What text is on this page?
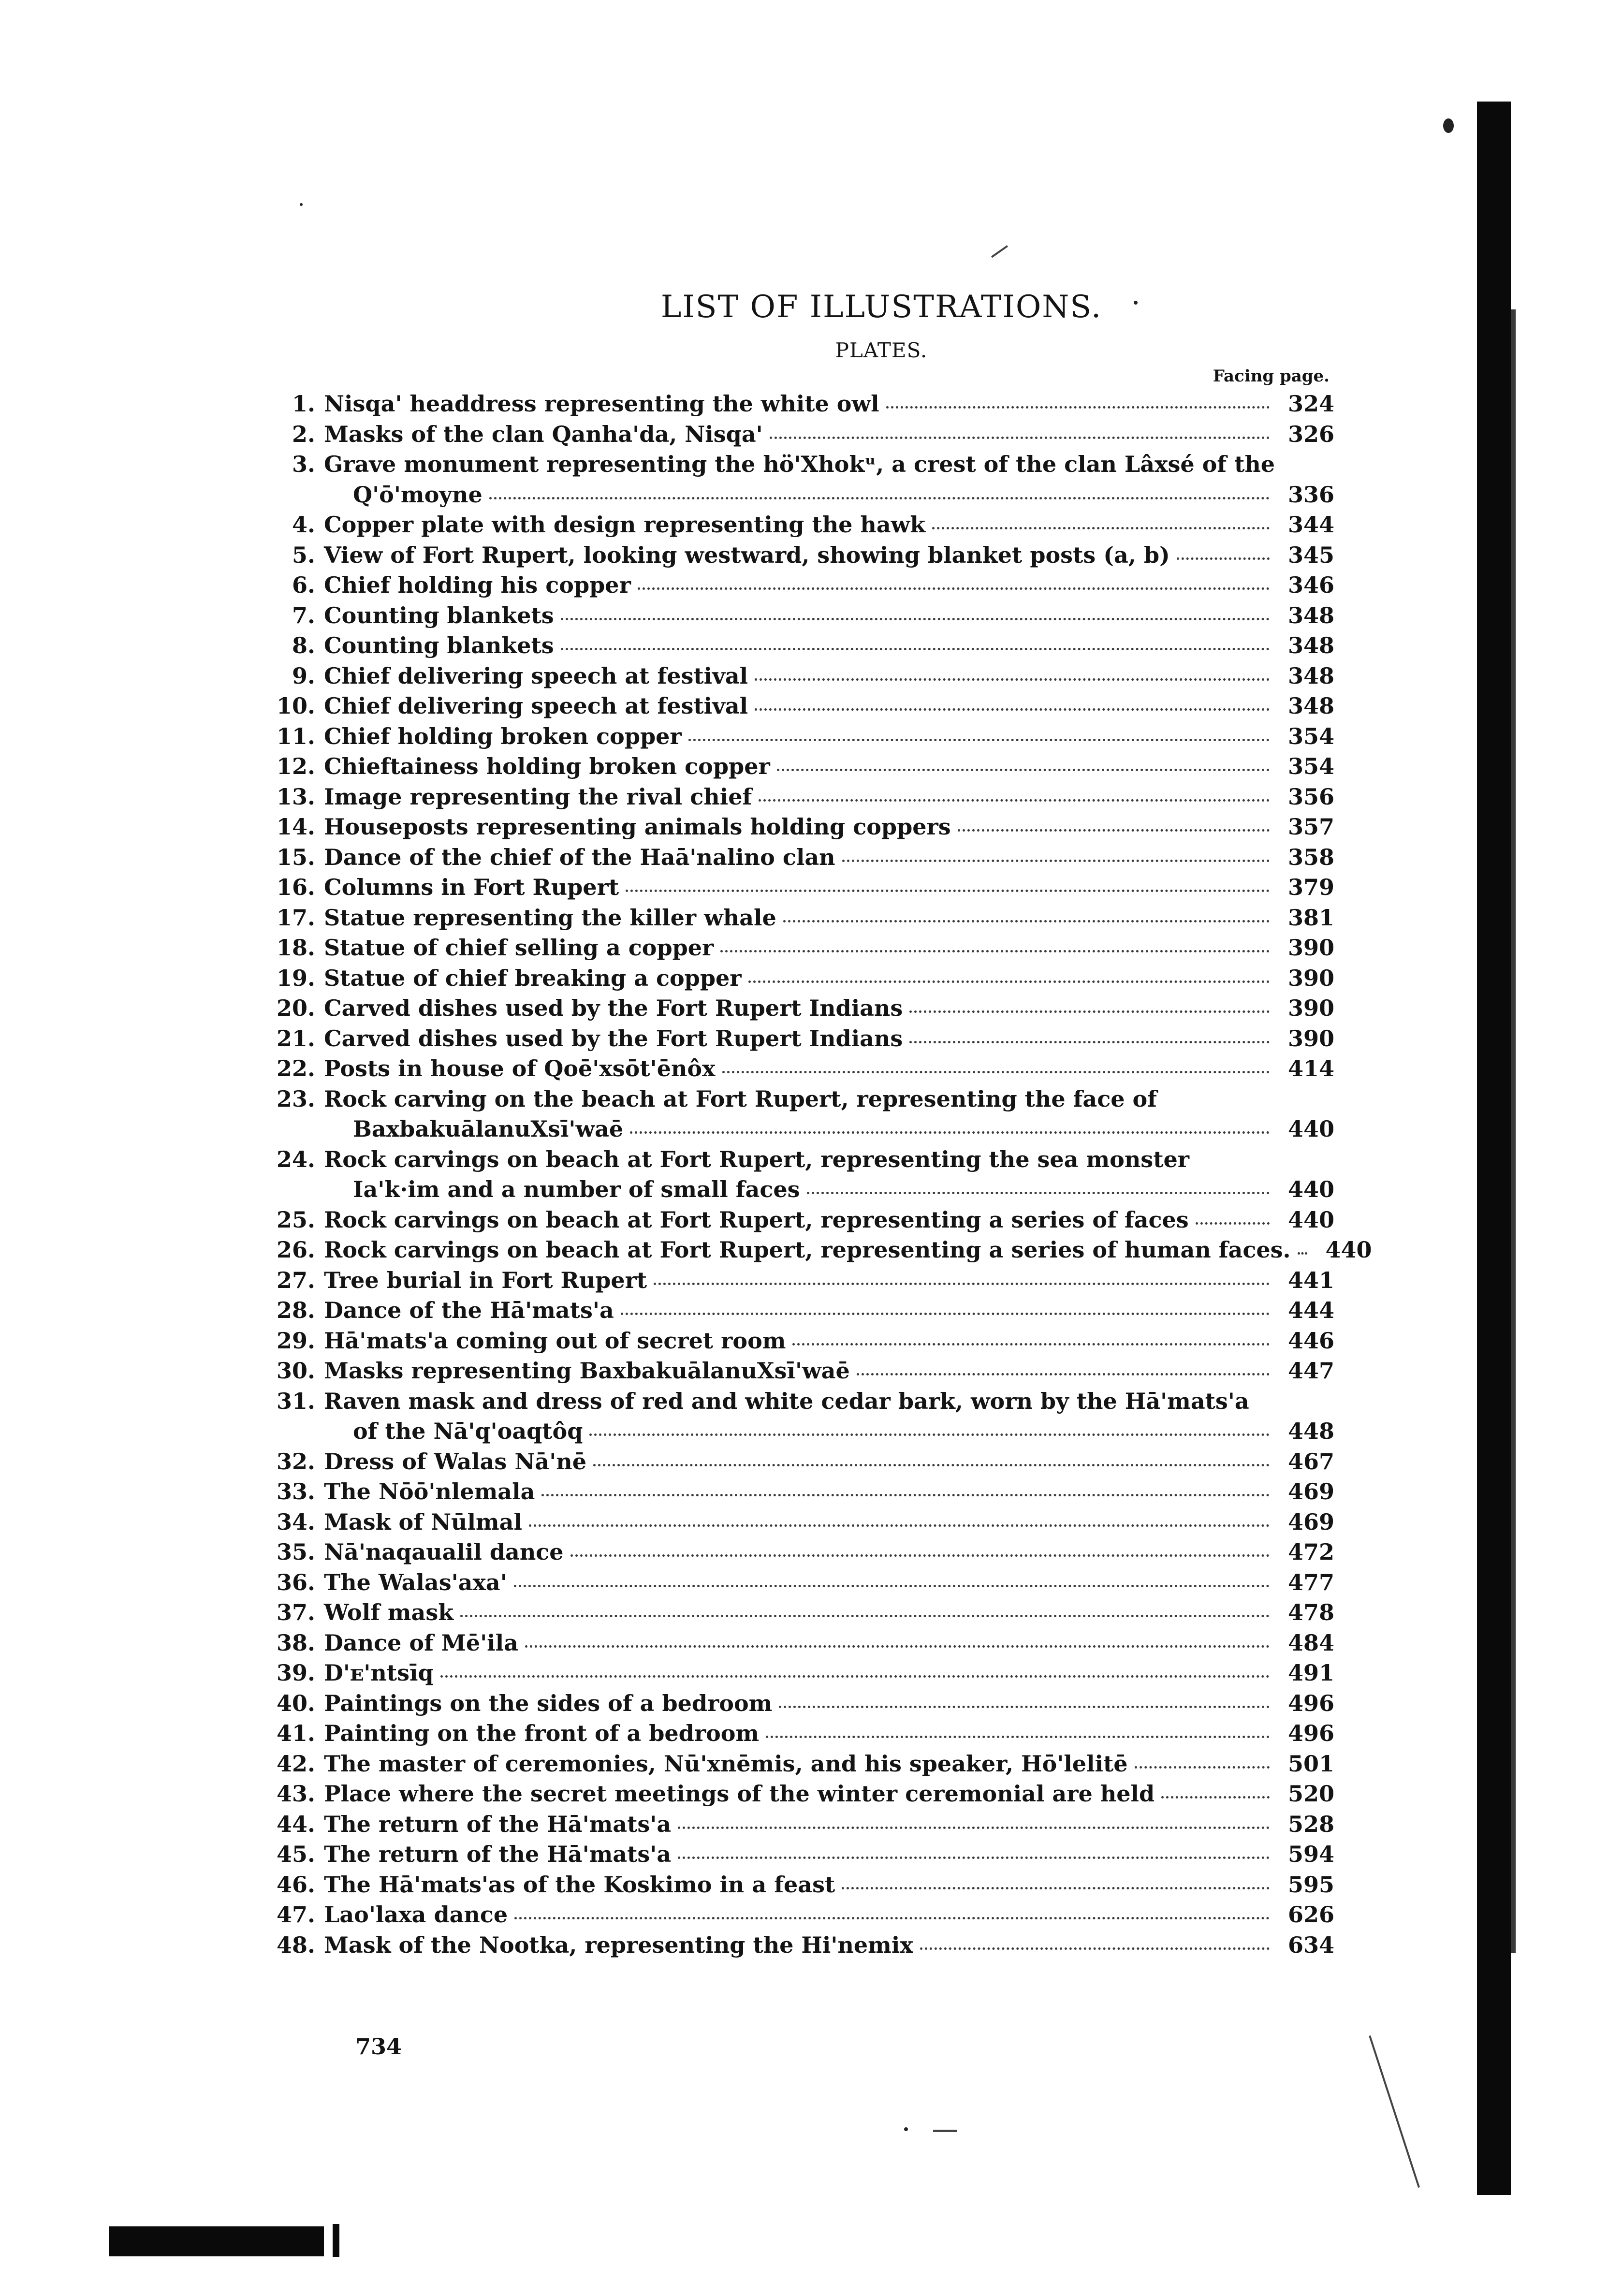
LIST OF ILLUSTRATIONS.
PLATES.
Facing page.
1. Nisqa' headdress representing the white owl	324
2. Masks of the clan Qanha'da, Nisqa'	326
3. Grave monument representing the hö'Xhokᵘ, a crest of the clan Lâxsé of the
Q'ō'moyne	336
4. Copper plate with design representing the hawk	344
5. View of Fort Rupert, looking westward, showing blanket posts (a, b)	345
6. Chief holding his copper	346
7. Counting blankets	348
8. Counting blankets	348
9. Chief delivering speech at festival	348
10. Chief delivering speech at festival	348
11. Chief holding broken copper	354
12. Chieftainess holding broken copper	354
13. Image representing the rival chief	356
14. Houseposts representing animals holding coppers	357
15. Dance of the chief of the Haā'nalino clan	358
16. Columns in Fort Rupert	379
17. Statue representing the killer whale	381
18. Statue of chief selling a copper	390
19. Statue of chief breaking a copper	390
20. Carved dishes used by the Fort Rupert Indians	390
21. Carved dishes used by the Fort Rupert Indians	390
22. Posts in house of Qoē'xsōt'ēnôx	414
23. Rock carving on the beach at Fort Rupert, representing the face of
BaxbakuālanuXsī'waē	440
24. Rock carvings on beach at Fort Rupert, representing the sea monster
Ia'k·im and a number of small faces	440
25. Rock carvings on beach at Fort Rupert, representing a series of faces	440
26. Rock carvings on beach at Fort Rupert, representing a series of human faces.	440
27. Tree burial in Fort Rupert	441
28. Dance of the Hā'mats'a	444
29. Hā'mats'a coming out of secret room	446
30. Masks representing BaxbakuālanuXsī'waē	447
31. Raven mask and dress of red and white cedar bark, worn by the Hā'mats'a
of the Nā'q'oaqtôq	448
32. Dress of Walas Nā'nē	467
33. The Nōō'nlemala	469
34. Mask of Nūlmal	469
35. Nā'naqaualil dance	472
36. The Walas'axa'	477
37. Wolf mask	478
38. Dance of Mē'ila	484
39. D'ᴇ'ntsīq	491
40. Paintings on the sides of a bedroom	496
41. Painting on the front of a bedroom	496
42. The master of ceremonies, Nū'xnēmis, and his speaker, Hō'lelitē	501
43. Place where the secret meetings of the winter ceremonial are held	520
44. The return of the Hā'mats'a	528
45. The return of the Hā'mats'a	594
46. The Hā'mats'as of the Koskimo in a feast	595
47. Lao'laxa dance	626
48. Mask of the Nootka, representing the Hi'nemix	634
734
